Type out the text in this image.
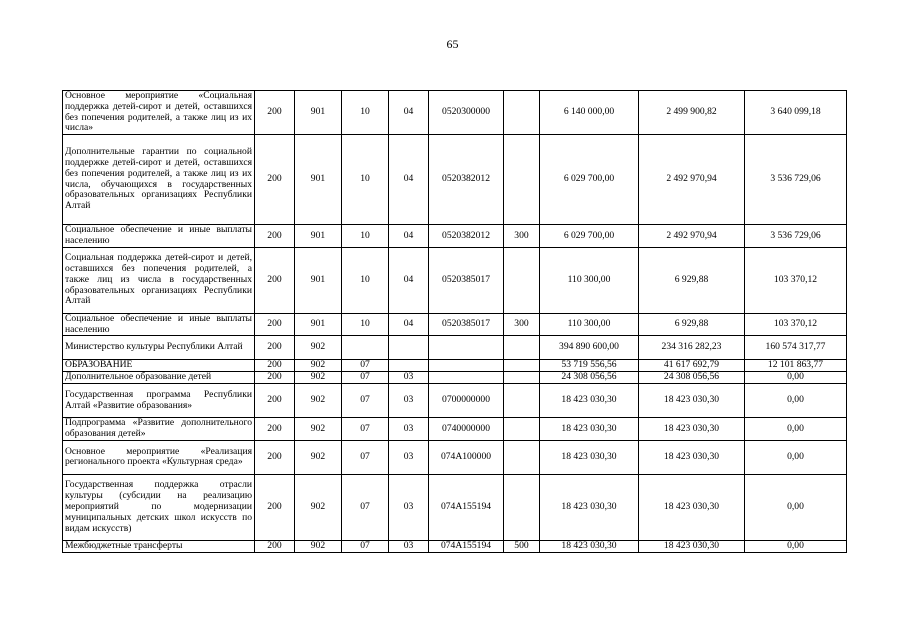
65
Основное мероприятие «Социальная поддержка детей-сирот и детей, оставшихся без попечения родителей, а также лиц из их числа»	200	901	10	04	0520300000		6 140 000,00	2 499 900,82	3 640 099,18
Дополнительные гарантии по социальной поддержке детей-сирот и детей, оставшихся без попечения родителей, а также лиц из их числа, обучающихся в государственных образовательных организациях Республики Алтай	200	901	10	04	0520382012		6 029 700,00	2 492 970,94	3 536 729,06
Социальное обеспечение и иные выплаты населению	200	901	10	04	0520382012	300	6 029 700,00	2 492 970,94	3 536 729,06
Социальная поддержка детей-сирот и детей, оставшихся без попечения родителей, а также лиц из числа в государственных образовательных организациях Республики Алтай	200	901	10	04	0520385017		110 300,00	6 929,88	103 370,12
Социальное обеспечение и иные выплаты населению	200	901	10	04	0520385017	300	110 300,00	6 929,88	103 370,12
Министерство культуры Республики Алтай	200	902					394 890 600,00	234 316 282,23	160 574 317,77
ОБРАЗОВАНИЕ	200	902	07				53 719 556,56	41 617 692,79	12 101 863,77
Дополнительное образование детей	200	902	07	03			24 308 056,56	24 308 056,56	0,00
Государственная программа Республики Алтай «Развитие образования»	200	902	07	03	0700000000		18 423 030,30	18 423 030,30	0,00
Подпрограмма «Развитие дополнительного образования детей»	200	902	07	03	0740000000		18 423 030,30	18 423 030,30	0,00
Основное мероприятие «Реализация регионального проекта «Культурная среда»	200	902	07	03	074A100000		18 423 030,30	18 423 030,30	0,00
Государственная поддержка отрасли культуры (субсидии на реализацию мероприятий по модернизации муниципальных детских школ искусств по видам искусств)	200	902	07	03	074A155194		18 423 030,30	18 423 030,30	0,00
Межбюджетные трансферты	200	902	07	03	074A155194	500	18 423 030,30	18 423 030,30	0,00
